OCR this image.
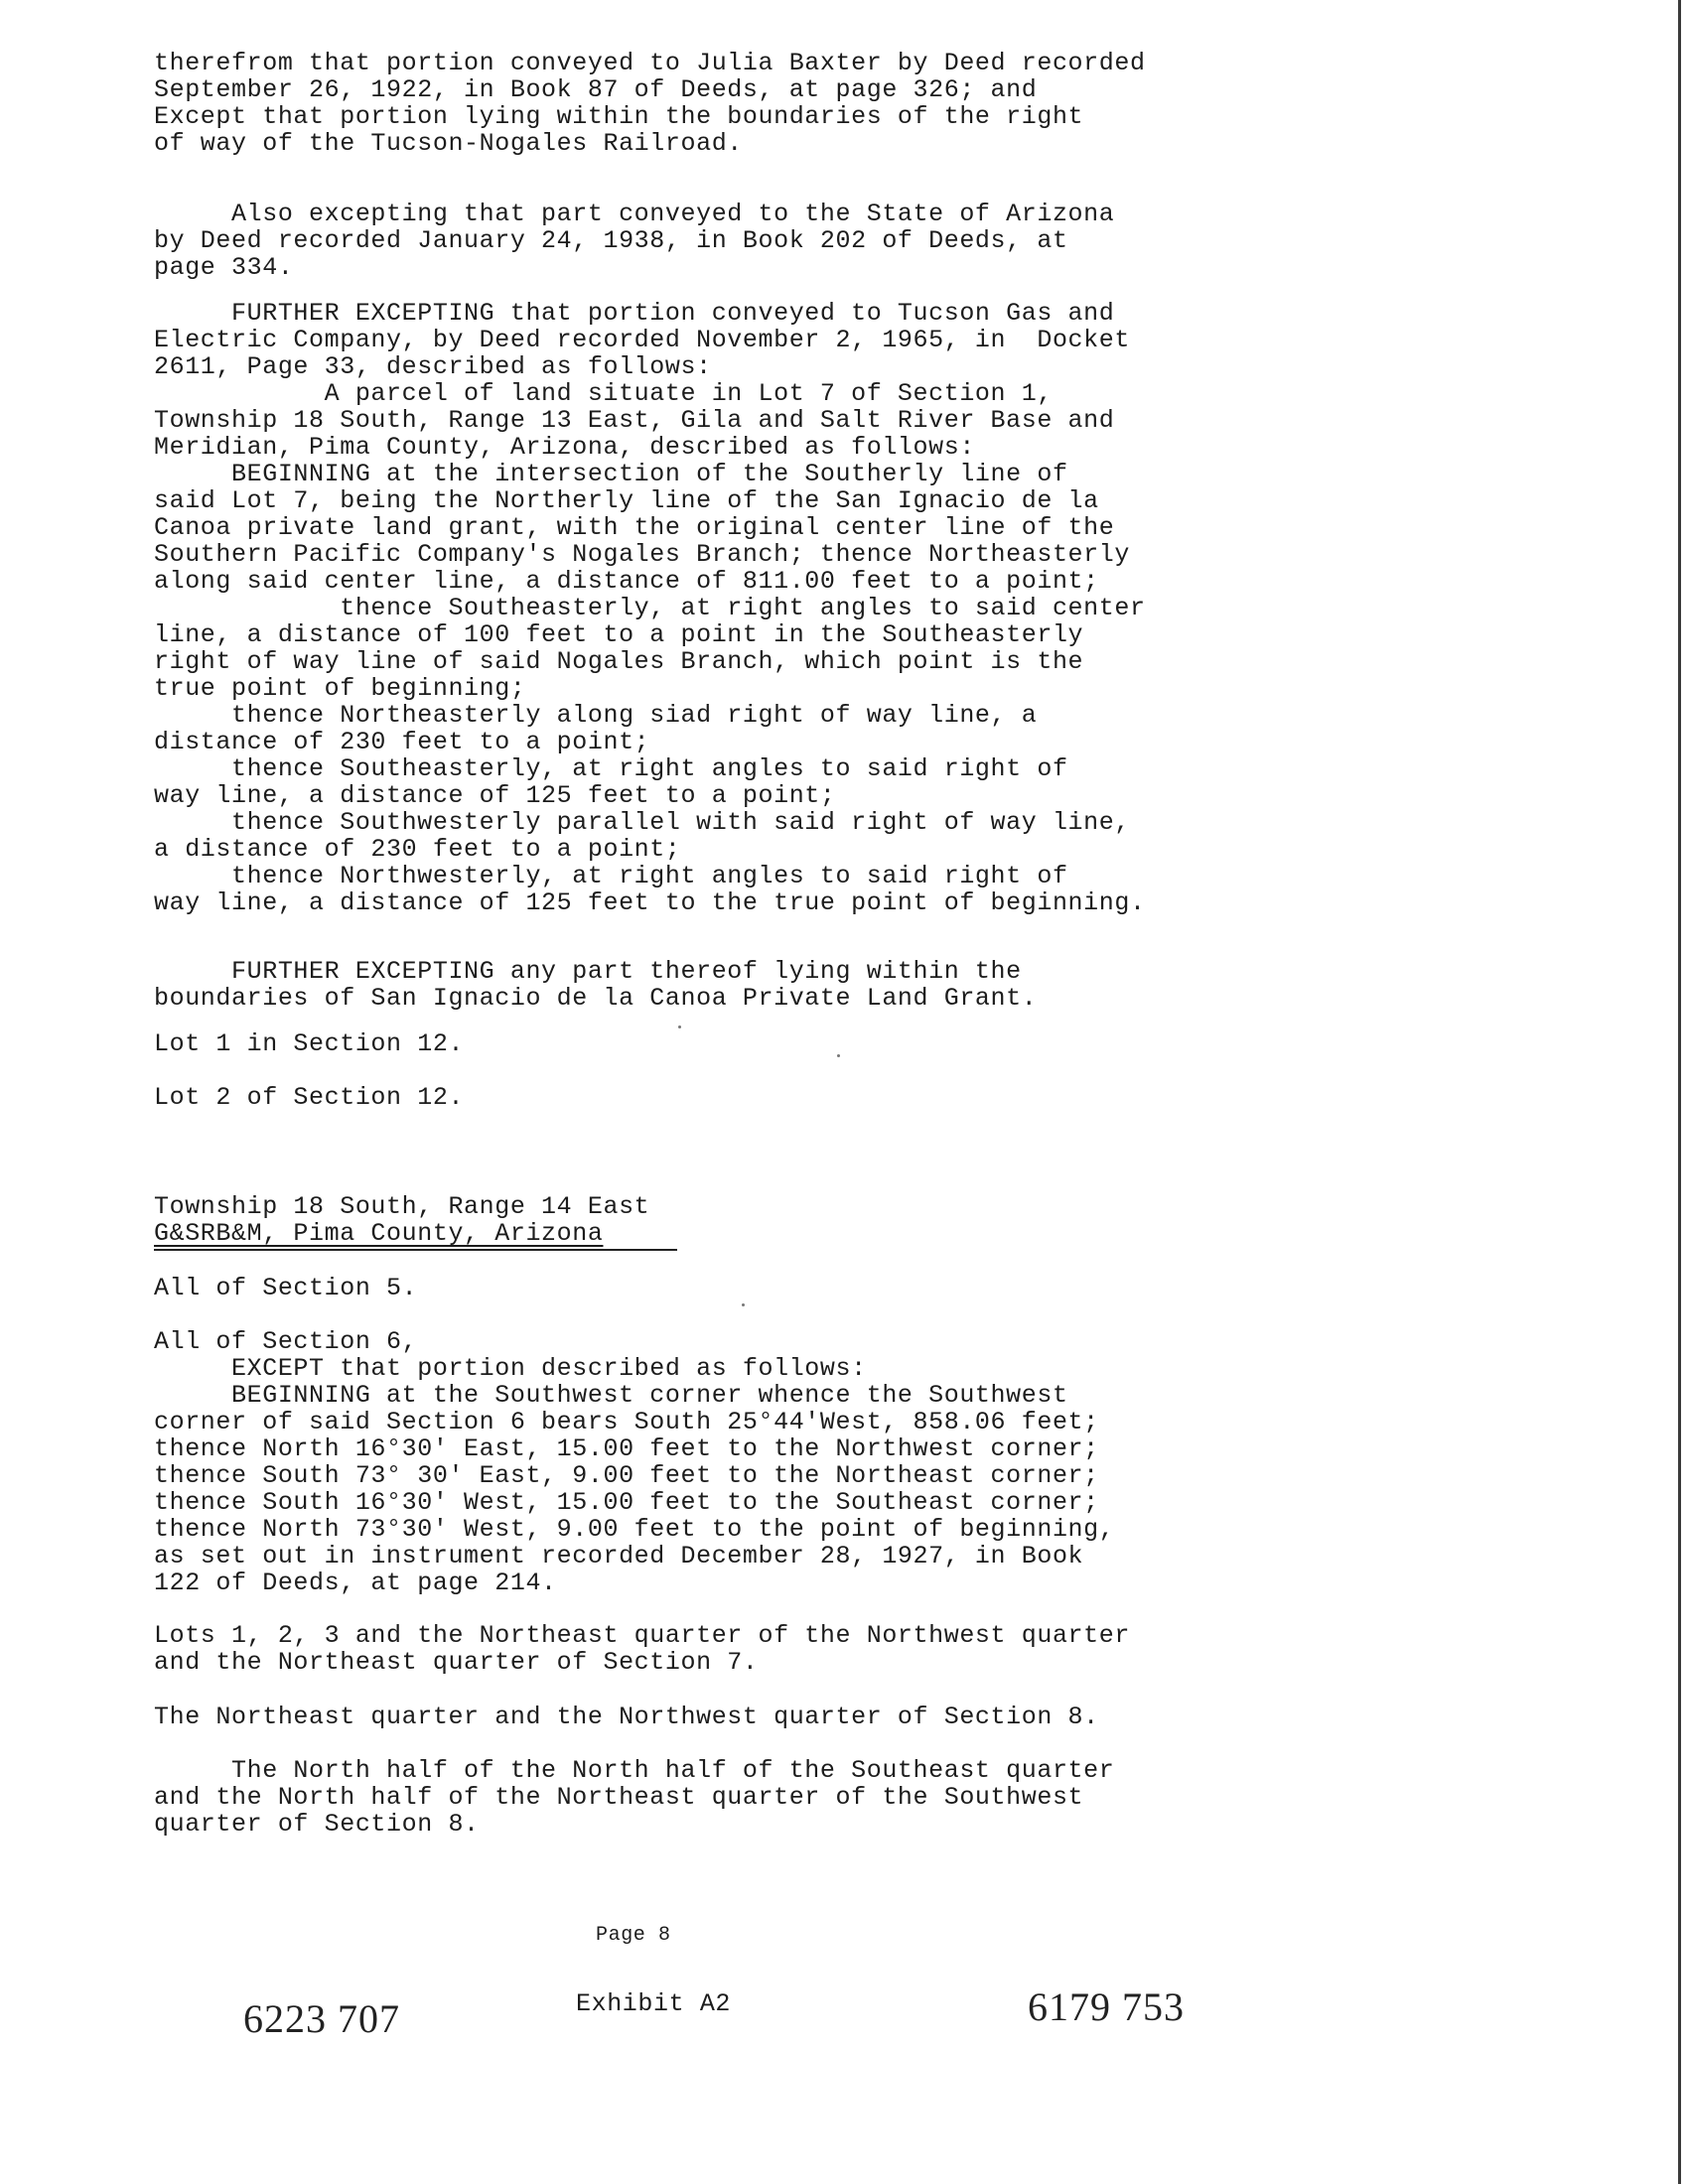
therefrom that portion conveyed to Julia Baxter by Deed recorded
September 26, 1922, in Book 87 of Deeds, at page 326; and
Except that portion lying within the boundaries of the right
of way of the Tucson-Nogales Railroad.
Also excepting that part conveyed to the State of Arizona
by Deed recorded January 24, 1938, in Book 202 of Deeds, at
page 334.
FURTHER EXCEPTING that portion conveyed to Tucson Gas and
Electric Company, by Deed recorded November 2, 1965, in  Docket
2611, Page 33, described as follows:
A parcel of land situate in Lot 7 of Section 1,
Township 18 South, Range 13 East, Gila and Salt River Base and
Meridian, Pima County, Arizona, described as follows:
BEGINNING at the intersection of the Southerly line of
said Lot 7, being the Northerly line of the San Ignacio de la
Canoa private land grant, with the original center line of the
Southern Pacific Company's Nogales Branch; thence Northeasterly
along said center line, a distance of 811.00 feet to a point;
thence Southeasterly, at right angles to said center
line, a distance of 100 feet to a point in the Southeasterly
right of way line of said Nogales Branch, which point is the
true point of beginning;
thence Northeasterly along siad right of way line, a
distance of 230 feet to a point;
thence Southeasterly, at right angles to said right of
way line, a distance of 125 feet to a point;
thence Southwesterly parallel with said right of way line,
a distance of 230 feet to a point;
thence Northwesterly, at right angles to said right of
way line, a distance of 125 feet to the true point of beginning.
FURTHER EXCEPTING any part thereof lying within the
boundaries of San Ignacio de la Canoa Private Land Grant.
Lot 1 in Section 12.
Lot 2 of Section 12.
Township 18 South, Range 14 East
G&SRB&M, Pima County, Arizona
All of Section 5.
All of Section 6,
EXCEPT that portion described as follows:
BEGINNING at the Southwest corner whence the Southwest
corner of said Section 6 bears South 25°44'West, 858.06 feet;
thence North 16°30' East, 15.00 feet to the Northwest corner;
thence South 73° 30' East, 9.00 feet to the Northeast corner;
thence South 16°30' West, 15.00 feet to the Southeast corner;
thence North 73°30' West, 9.00 feet to the point of beginning,
as set out in instrument recorded December 28, 1927, in Book
122 of Deeds, at page 214.
Lots 1, 2, 3 and the Northeast quarter of the Northwest quarter
and the Northeast quarter of Section 7.
The Northeast quarter and the Northwest quarter of Section 8.
The North half of the North half of the Southeast quarter
and the North half of the Northeast quarter of the Southwest
quarter of Section 8.
Page 8
Exhibit A2
6223 707	6179 753
